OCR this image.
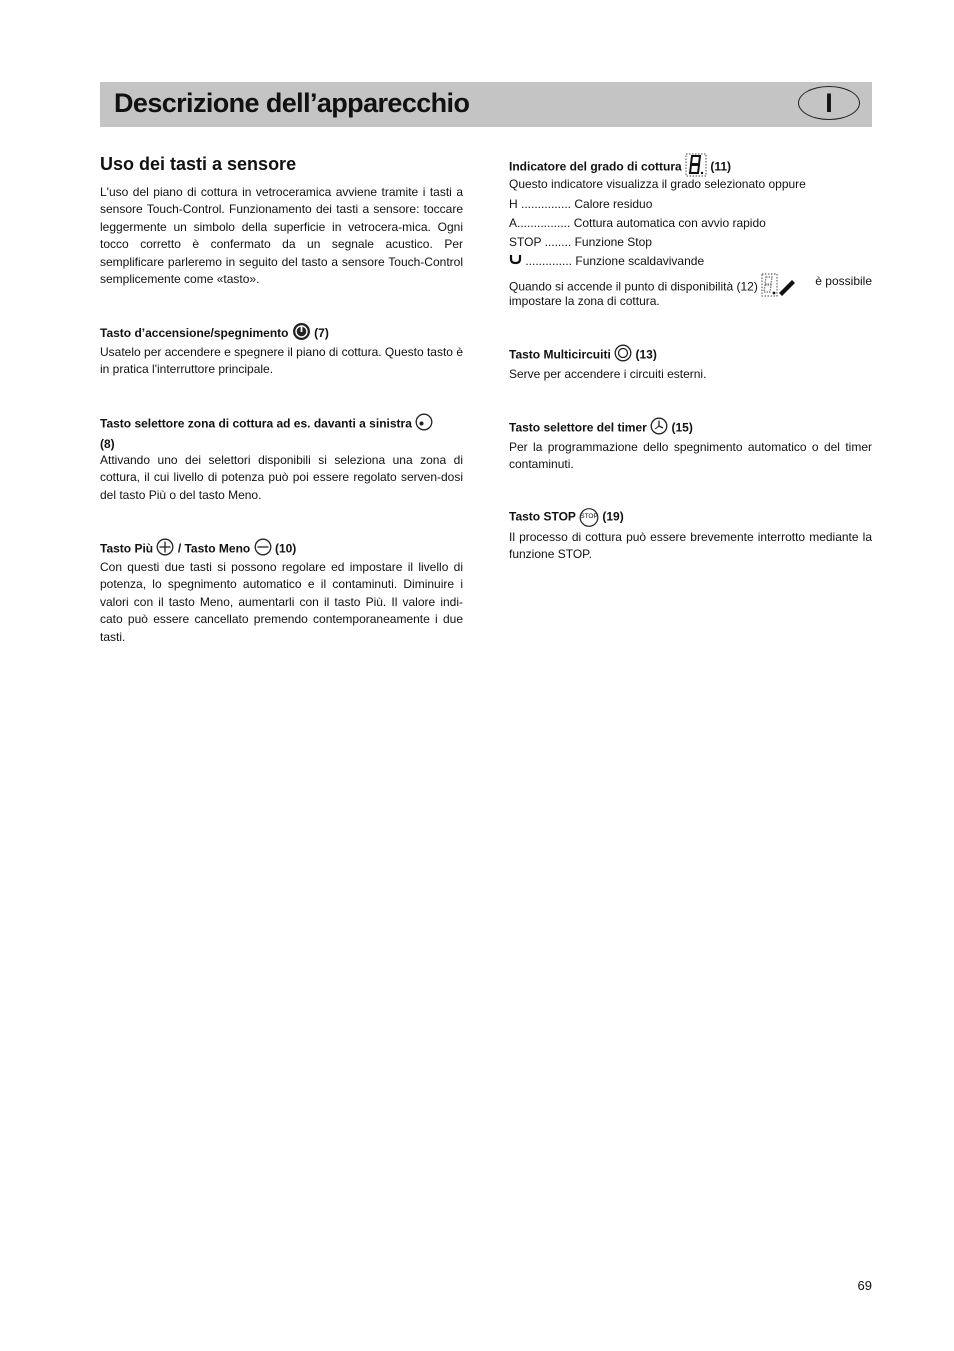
Descrizione dell’apparecchio	I
Uso dei tasti a sensore
L'uso del piano di cottura in vetroceramica avviene tramite i tasti a sensore Touch-Control. Funzionamento dei tasti a sensore: toccare leggermente un simbolo della superficie in vetrocera-mica. Ogni tocco corretto è confermato da un segnale acustico. Per semplificare parleremo in seguito del tasto a sensore Touch-Control semplicemente come «tasto».
Tasto d’accensione/spegnimento (7)
Usatelo per accendere e spegnere il piano di cottura. Questo tasto è in pratica l'interruttore principale.
Tasto selettore zona di cottura ad es. davanti a sinistra
(8)
Attivando uno dei selettori disponibili si seleziona una zona di cottura, il cui livello di potenza può poi essere regolato serven-dosi del tasto Più o del tasto Meno.
Tasto Più / Tasto Meno (10)
Con questi due tasti si possono regolare ed impostare il livello di potenza, lo spegnimento automatico e il contaminuti. Diminuire i valori con il tasto Meno, aumentarli con il tasto Più. Il valore indi-cato può essere cancellato premendo contemporaneamente i due tasti.
Indicatore del grado di cottura (11)
Questo indicatore visualizza il grado selezionato oppure
H ............... Calore residuo
A................ Cottura automatica con avvio rapido
STOP ........ Funzione Stop
.............. Funzione scaldavivande
Quando si accende il punto di disponibilità (12)	è possibile
impostare la zona di cottura.
Tasto Multicircuiti (13)
Serve per accendere i circuiti esterni.
Tasto selettore del timer (15)
Per la programmazione dello spegnimento automatico o del timer contaminuti.
Tasto STOP STOP (19)
Il processo di cottura può essere brevemente interrotto mediante la funzione STOP.
69
